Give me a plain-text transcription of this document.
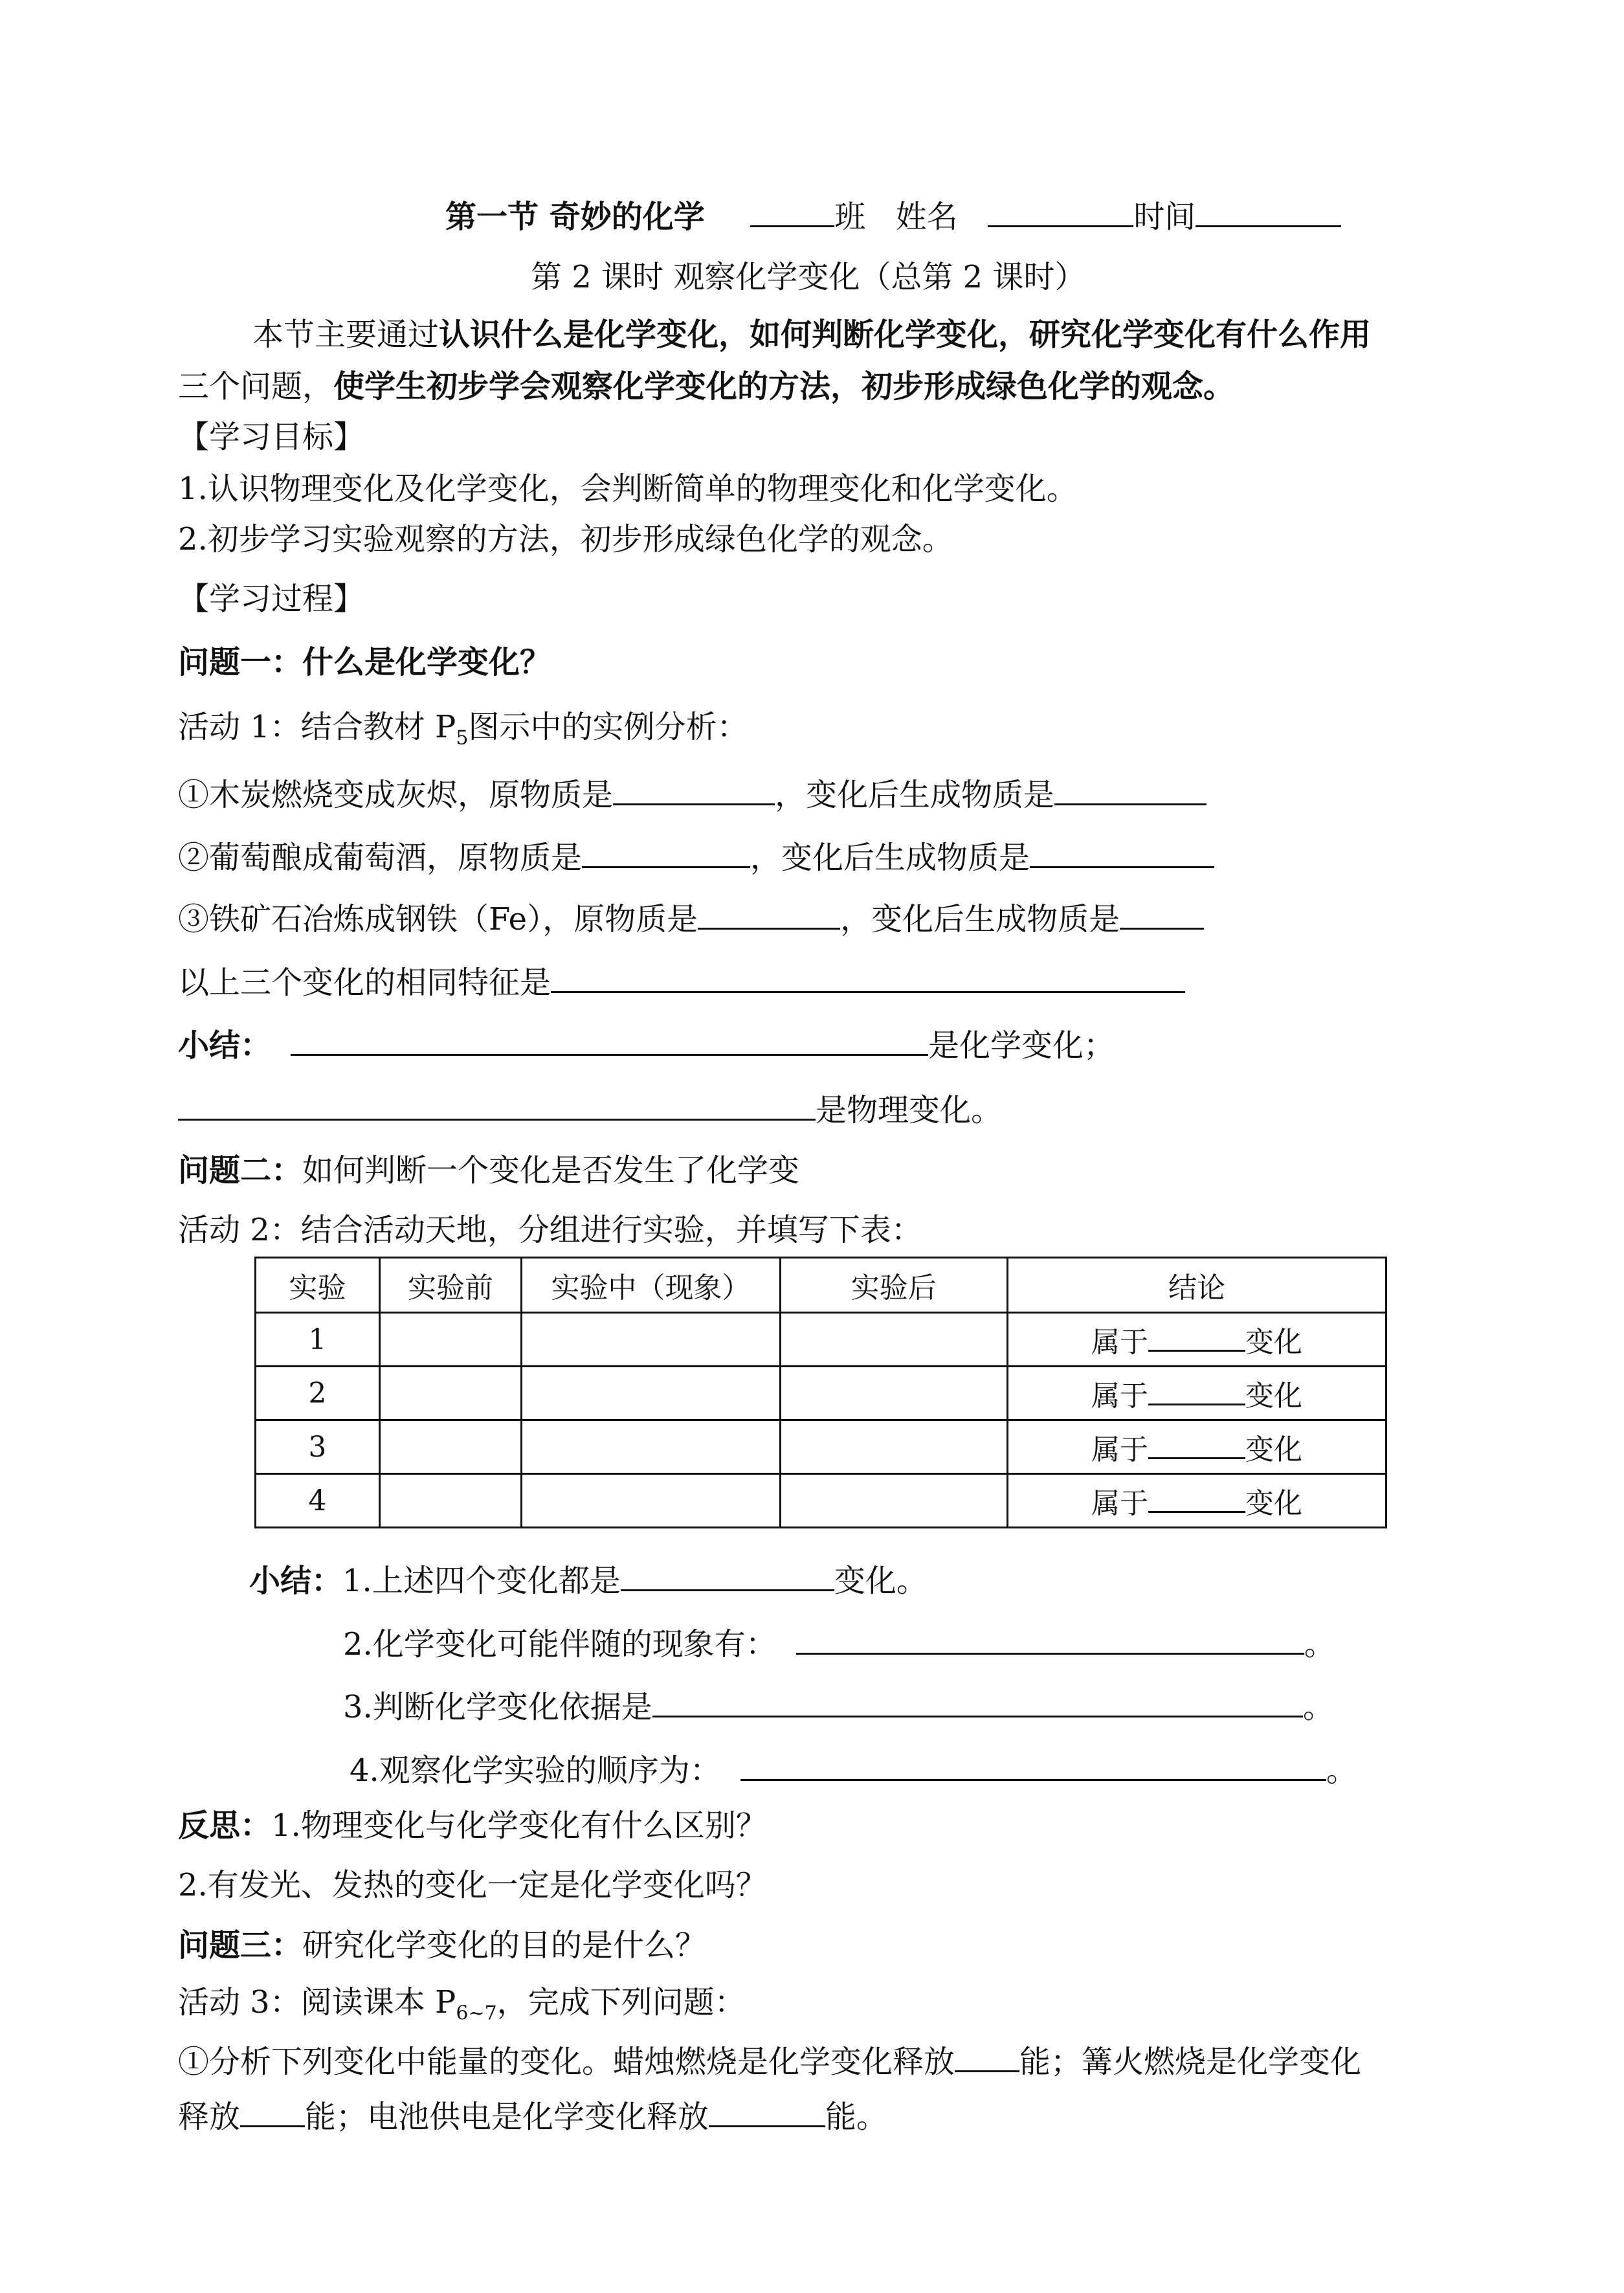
第一节 奇妙的化学	班 姓名	时间
第 2 课时 观察化学变化（总第 2 课时）
本节主要通过认识什么是化学变化，如何判断化学变化，研究化学变化有什么作用
三个问题，使学生初步学会观察化学变化的方法，初步形成绿色化学的观念。
【学习目标】
1.认识物理变化及化学变化，会判断简单的物理变化和化学变化。
2.初步学习实验观察的方法，初步形成绿色化学的观念。
【学习过程】
问题一：什么是化学变化？
活动 1：结合教材 $P_5$图示中的实例分析：
①木炭燃烧变成灰烬，原物质是	，变化后生成物质是
②葡萄酿成葡萄酒，原物质是	，变化后生成物质是
③铁矿石冶炼成钢铁（Fe），原物质是	，变化后生成物质是
以上三个变化的相同特征是
小结：	是化学变化；
是物理变化。
问题二：如何判断一个变化是否发生了化学变
活动 2：结合活动天地，分组进行实验，并填写下表：
实验	实验前	实验中（现象）	实验后	结论
1				属于 变化
2				属于 变化
3				属于 变化
4				属于 变化
小结：1.上述四个变化都是	变化。
2.化学变化可能伴随的现象有：	。
3.判断化学变化依据是	。
4.观察化学实验的顺序为：	。
反思：1.物理变化与化学变化有什么区别？
2.有发光、发热的变化一定是化学变化吗？
问题三：研究化学变化的目的是什么？
活动 3：阅读课本 $P_{6\sim 7}$，完成下列问题：
①分析下列变化中能量的变化。蜡烛燃烧是化学变化释放 能；篝火燃烧是化学变化
释放 能；电池供电是化学变化释放	能。
